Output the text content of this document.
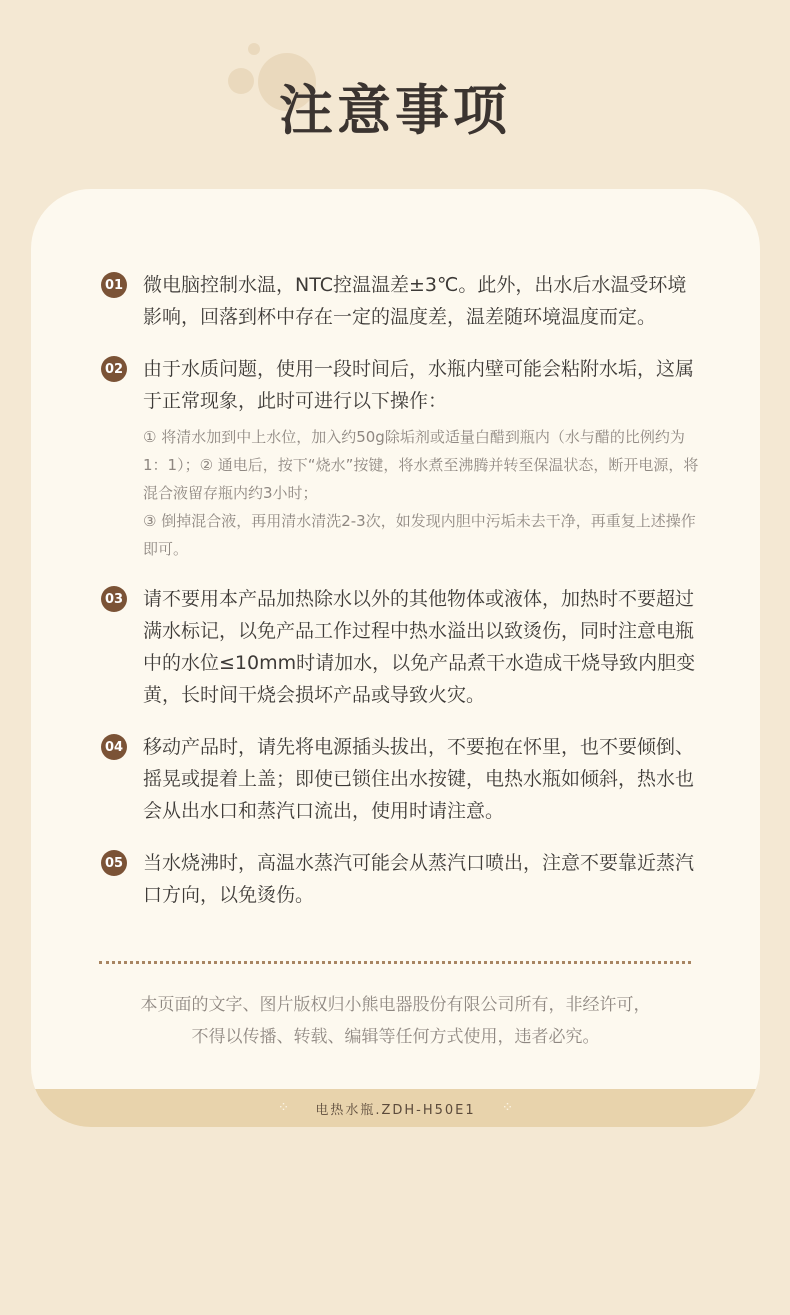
注意事项
01 微电脑控制水温，NTC控温温差±3℃。此外，出水后水温受环境影响，回落到杯中存在一定的温度差，温差随环境温度而定。
02 由于水质问题，使用一段时间后，水瓶内壁可能会粘附水垢，这属于正常现象，此时可进行以下操作：
① 将清水加到中上水位，加入约50g除垢剂或适量白醋到瓶内（水与醋的比例约为1：1）；② 通电后，按下“烧水”按键，将水煮至沸腾并转至保温状态，断开电源，将混合液留存瓶内约3小时；
③ 倒掉混合液，再用清水清洗2-3次，如发现内胆中污垢未去干净，再重复上述操作即可。
03 请不要用本产品加热除水以外的其他物体或液体，加热时不要超过满水标记，以免产品工作过程中热水溢出以致烫伤，同时注意电瓶中的水位≤10mm时请加水，以免产品煮干水造成干烧导致内胆变黄，长时间干烧会损坏产品或导致火灾。
04 移动产品时，请先将电源插头拔出，不要抱在怀里，也不要倾倒、摇晃或提着上盖；即使已锁住出水按键，电热水瓶如倾斜，热水也会从出水口和蒸汽口流出，使用时请注意。
05 当水烧沸时，高温水蒸汽可能会从蒸汽口喷出，注意不要靠近蒸汽口方向，以免烫伤。
本页面的文字、图片版权归小熊电器股份有限公司所有，非经许可，
不得以传播、转载、编辑等任何方式使用，违者必究。
⁘ 电热水瓶.ZDH-H50E1 ⁘
